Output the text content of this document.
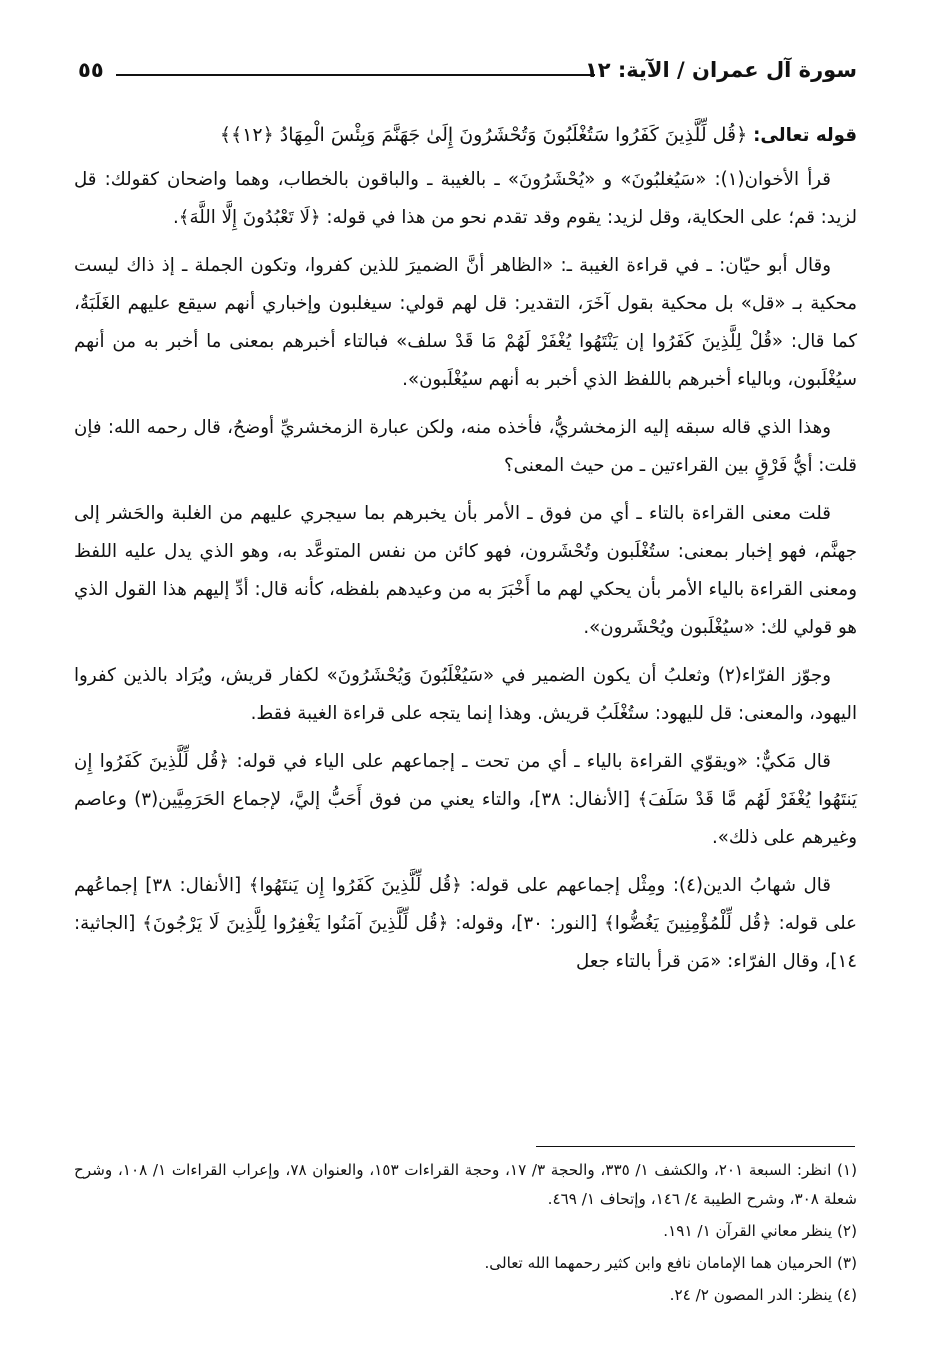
سورة آل عمران / الآية: ١٢
٥٥

قوله تعالى: ﴿قُل لِّلَّذِينَ كَفَرُوا سَتُغْلَبُونَ وَتُحْشَرُونَ إِلَىٰ جَهَنَّمَ وَبِئْسَ الْمِهَادُ ﴿١٢﴾﴾

قرأ الأخوان(١): «سَيُغلبُونَ» و «يُحْشَرُونَ» ـ بالغيبة ـ والباقون بالخطاب، وهما واضحان كقولك: قل لزيد: قم؛ على الحكاية، وقل لزيد: يقوم وقد تقدم نحو من هذا في قوله: ﴿لَا تَعْبُدُونَ إِلَّا اللَّهَ﴾.

وقال أبو حيّان: ـ في قراءة الغيبة ـ: «الظاهر أنَّ الضميرَ للذين كفروا، وتكون الجملة ـ إذ ذاك ليست محكية بـ «قل» بل محكية بقول آخَرَ، التقدير: قل لهم قولي: سيغلبون وإخباري أنهم سيقع عليهم الغَلَبَةُ، كما قال: «قُلْ لِلَّذِينَ كَفَرُوا إن يَنْتَهُوا يُغْفَرْ لَهُمْ مَا قَدْ سلف» فبالتاء أخبرهم بمعنى ما أخبر به من أنهم سيُغْلَبون، وبالياء أخبرهم باللفظ الذي أخبر به أنهم سيُغْلَبون».

وهذا الذي قاله سبقه إليه الزمخشريُّ، فأخذه منه، ولكن عبارة الزمخشريِّ أوضحُ، قال رحمه الله: فإن قلت: أيُّ فَرْقٍ بين القراءتين ـ من حيث المعنى؟

قلت معنى القراءة بالتاء ـ أي من فوق ـ الأمر بأن يخبرهم بما سيجري عليهم من الغلبة والحَشر إلى جهنَّم، فهو إخبار بمعنى: ستُغْلَبون وتُحْشَرون، فهو كائن من نفس المتوعَّد به، وهو الذي يدل عليه اللفظ ومعنى القراءة بالياء الأمر بأن يحكي لهم ما أَخْبَرَ به من وعيدهم بلفظه، كأنه قال: أدِّ إليهم هذا القول الذي هو قولي لك: «سيُغْلَبون ويُحْشَرون».

وجوّز الفرّاء(٢) وثعلبُ أن يكون الضمير في «سَيُغْلَبُونَ وَيُحْشَرُونَ» لكفار قريش، ويُرَاد بالذين كفروا اليهود، والمعنى: قل لليهود: ستُغْلَبُ قريش. وهذا إنما يتجه على قراءة الغيبة فقط.

قال مَكيٌّ: «ويقوّي القراءة بالياء ـ أي من تحت ـ إجماعهم على الياء في قوله: ﴿قُل لِّلَّذِينَ كَفَرُوا إِن يَنتَهُوا يُغْفَرْ لَهُم مَّا قَدْ سَلَفَ﴾ [الأنفال: ٣٨]، والتاء يعني من فوق أَحَبُّ إليَّ، لإجماع الحَرَمِيَّين(٣) وعاصم وغيرهم على ذلك».

قال شهابُ الدين(٤): ومِثْل إجماعهم على قوله: ﴿قُل لِّلَّذِينَ كَفَرُوا إِن يَنتَهُوا﴾ [الأنفال: ٣٨] إجماعُهم على قوله: ﴿قُل لِّلْمُؤْمِنِينَ يَغُضُّوا﴾ [النور: ٣٠]، وقوله: ﴿قُل لِّلَّذِينَ آمَنُوا يَغْفِرُوا لِلَّذِينَ لَا يَرْجُونَ﴾ [الجاثية: ١٤]، وقال الفرّاء: «مَن قرأ بالتاء جعل

(١) انظر: السبعة ٢٠١، والكشف ١/ ٣٣٥، والحجة ٣/ ١٧، وحجة القراءات ١٥٣، والعنوان ٧٨، وإعراب القراءات ١/ ١٠٨، وشرح شعلة ٣٠٨، وشرح الطيبة ٤/ ١٤٦، وإتحاف ١/ ٤٦٩.

(٢) ينظر معاني القرآن ١/ ١٩١.

(٣) الحرميان هما الإمامان نافع وابن كثير رحمهما الله تعالى.

(٤) ينظر: الدر المصون ٢/ ٢٤.
